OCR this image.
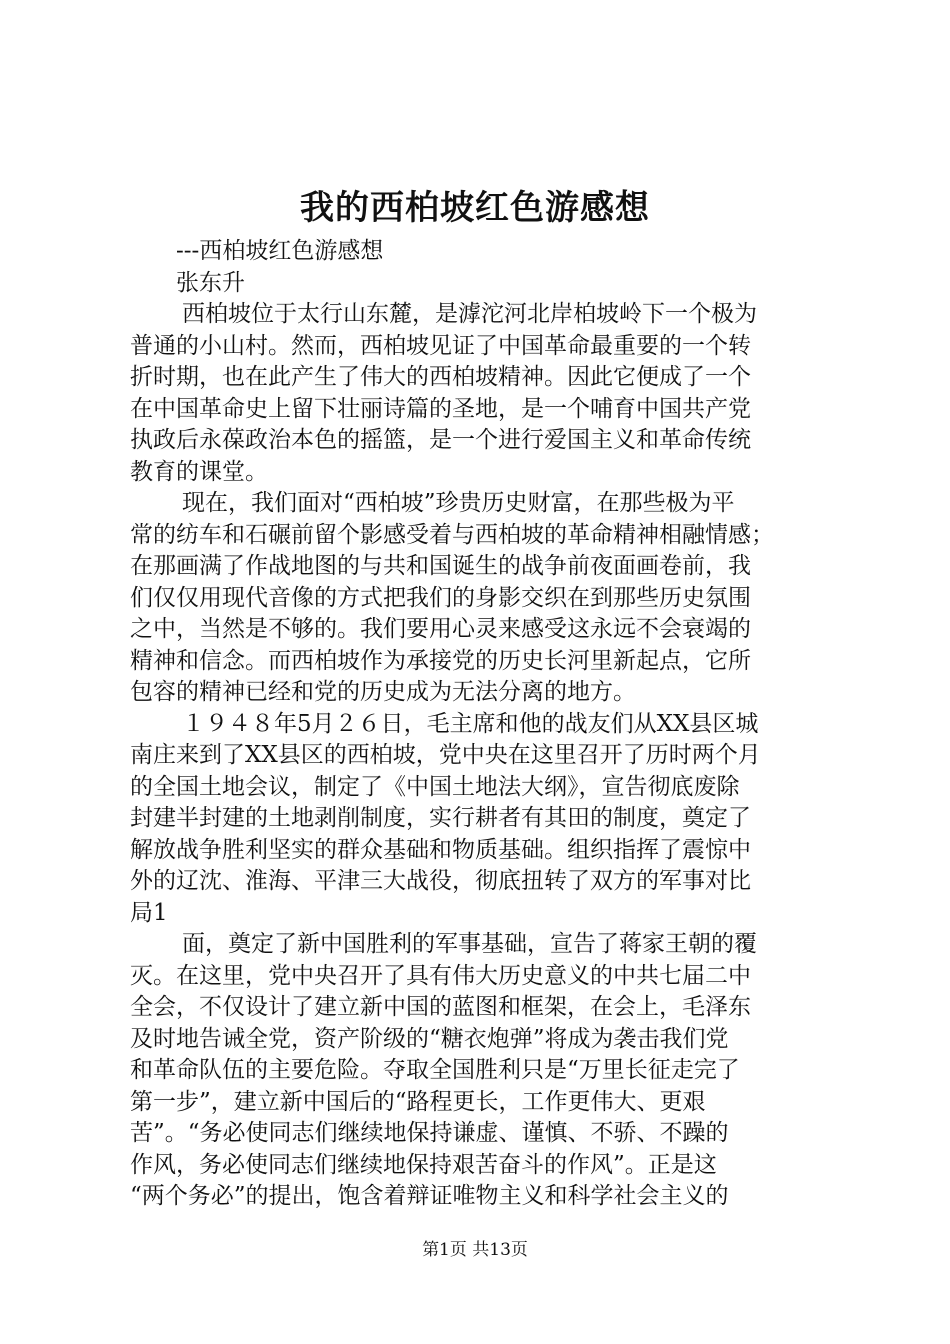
我的西柏坡红色游感想
---西柏坡红色游感想
张东升
西柏坡位于太行山东麓，是滹沱河北岸柏坡岭下一个极为
普通的小山村。然而，西柏坡见证了中国革命最重要的一个转
折时期，也在此产生了伟大的西柏坡精神。因此它便成了一个
在中国革命史上留下壮丽诗篇的圣地，是一个哺育中国共产党
执政后永葆政治本色的摇篮，是一个进行爱国主义和革命传统
教育的课堂。
现在，我们面对“西柏坡”珍贵历史财富，在那些极为平
常的纺车和石碾前留个影感受着与西柏坡的革命精神相融情感；
在那画满了作战地图的与共和国诞生的战争前夜面画卷前，我
们仅仅用现代音像的方式把我们的身影交织在到那些历史氛围
之中，当然是不够的。我们要用心灵来感受这永远不会衰竭的
精神和信念。而西柏坡作为承接党的历史长河里新起点，它所
包容的精神已经和党的历史成为无法分离的地方。
１９４８年5月２６日，毛主席和他的战友们从XX县区城
南庄来到了XX县区的西柏坡，党中央在这里召开了历时两个月
的全国土地会议，制定了《中国土地法大纲》，宣告彻底废除
封建半封建的土地剥削制度，实行耕者有其田的制度，奠定了
解放战争胜利坚实的群众基础和物质基础。组织指挥了震惊中
外的辽沈、淮海、平津三大战役，彻底扭转了双方的军事对比
局1
面，奠定了新中国胜利的军事基础，宣告了蒋家王朝的覆
灭。在这里，党中央召开了具有伟大历史意义的中共七届二中
全会，不仅设计了建立新中国的蓝图和框架，在会上，毛泽东
及时地告诫全党，资产阶级的“糖衣炮弹”将成为袭击我们党
和革命队伍的主要危险。夺取全国胜利只是“万里长征走完了
第一步”，建立新中国后的“路程更长，工作更伟大、更艰
苦”。“务必使同志们继续地保持谦虚、谨慎、不骄、不躁的
作风，务必使同志们继续地保持艰苦奋斗的作风”。正是这
“两个务必”的提出，饱含着辩证唯物主义和科学社会主义的
第1页 共13页
